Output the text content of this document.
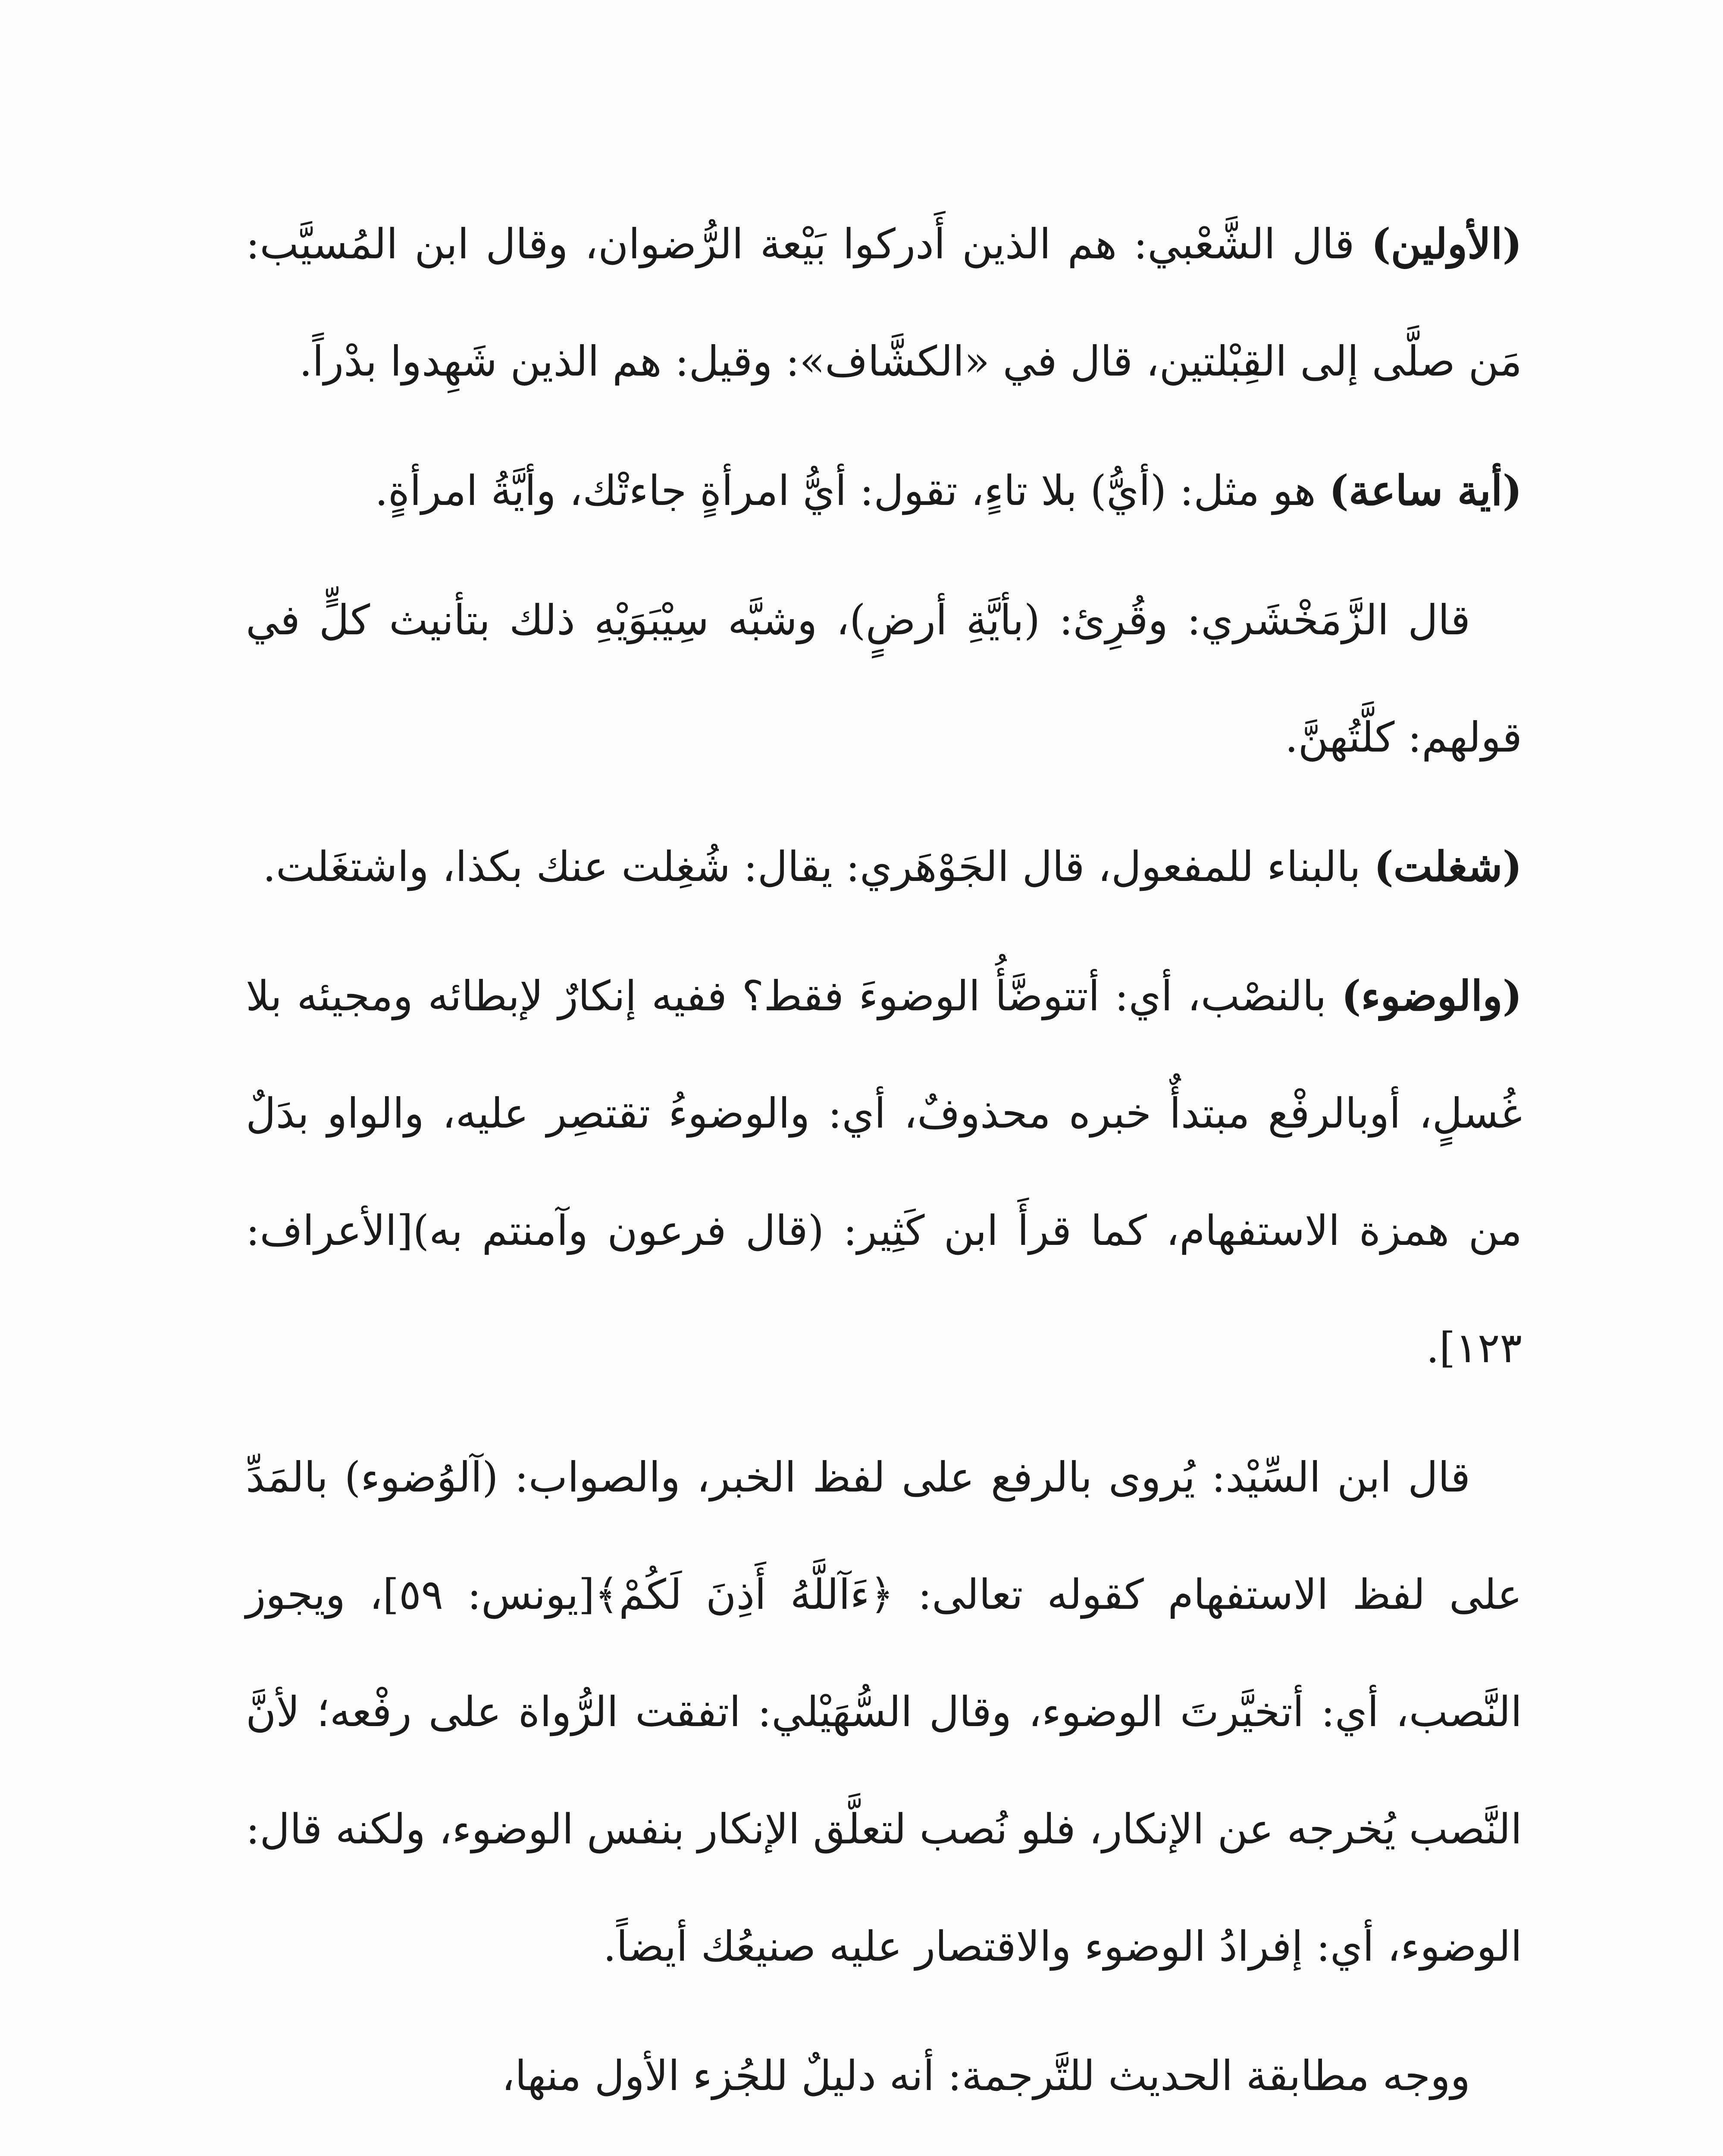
(الأولين) قال الشَّعْبي: هم الذين أَدركوا بَيْعة الرُّضوان، وقال ابن المُسيَّب: مَن صلَّى إلى القِبْلتين، قال في «الكشَّاف»: وقيل: هم الذين شَهِدوا بدْراً.

(أية ساعة) هو مثل: (أيُّ) بلا تاءٍ، تقول: أيُّ امرأةٍ جاءتْك، وأيَّةُ امرأةٍ.

قال الزَّمَخْشَري: وقُرِئ: (بأيَّةِ أرضٍ)، وشبَّه سِيْبَوَيْهِ ذلك بتأنيث كلٍّ في قولهم: كلَّتُهنَّ.

(شغلت) بالبناء للمفعول، قال الجَوْهَري: يقال: شُغِلت عنك بكذا، واشتغَلت.

(والوضوء) بالنصْب، أي: أتتوضَّأُ الوضوءَ فقط؟ ففيه إنكارٌ لإبطائه ومجيئه بلا غُسلٍ، أوبالرفْع مبتدأٌ خبره محذوفٌ، أي: والوضوءُ تقتصِر عليه، والواو بدَلٌ من همزة الاستفهام، كما قرأَ ابن كَثِير: (قال فرعون وآمنتم به)[الأعراف: ١٢٣].

قال ابن السِّيْد: يُروى بالرفع على لفظ الخبر، والصواب: (آلوُضوء) بالمَدِّ على لفظ الاستفهام كقوله تعالى: ﴿ءَآللَّهُ أَذِنَ لَكُمْ﴾[يونس: ٥٩]، ويجوز النَّصب، أي: أتخيَّرتَ الوضوء، وقال السُّهَيْلي: اتفقت الرُّواة على رفْعه؛ لأنَّ النَّصب يُخرجه عن الإنكار، فلو نُصب لتعلَّق الإنكار بنفس الوضوء، ولكنه قال: الوضوء، أي: إفرادُ الوضوء والاقتصار عليه صنيعُك أيضاً.

ووجه مطابقة الحديث للتَّرجمة: أنه دليلٌ للجُزء الأول منها،
